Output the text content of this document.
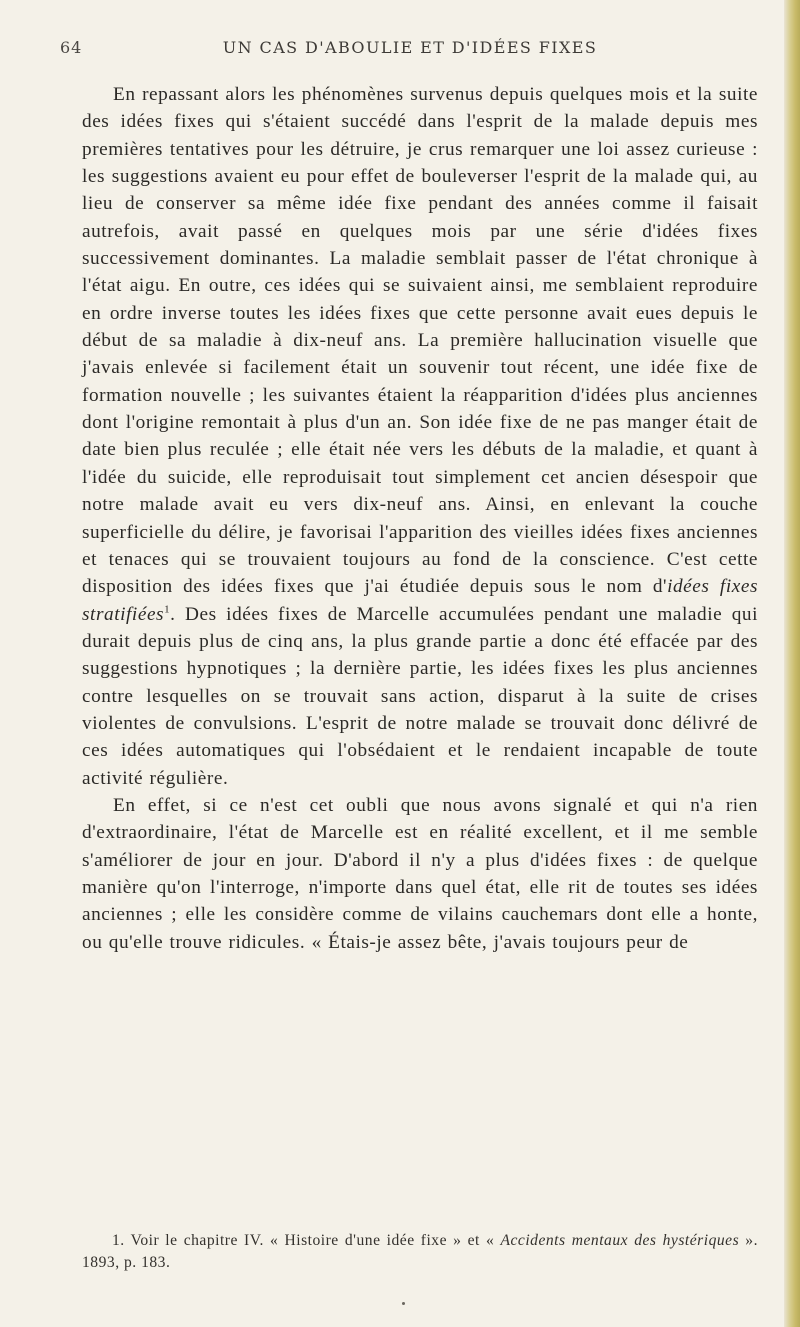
64	UN CAS D'ABOULIE ET D'IDÉES FIXES

En repassant alors les phénomènes survenus depuis quelques mois et la suite des idées fixes qui s'étaient succédé dans l'esprit de la malade depuis mes premières tentatives pour les détruire, je crus remarquer une loi assez curieuse : les suggestions avaient eu pour effet de bouleverser l'esprit de la malade qui, au lieu de conserver sa même idée fixe pendant des années comme il faisait autrefois, avait passé en quelques mois par une série d'idées fixes successivement dominantes. La maladie semblait passer de l'état chronique à l'état aigu. En outre, ces idées qui se suivaient ainsi, me semblaient reproduire en ordre inverse toutes les idées fixes que cette personne avait eues depuis le début de sa maladie à dix-neuf ans. La première hallucination visuelle que j'avais enlevée si facilement était un souvenir tout récent, une idée fixe de formation nouvelle ; les suivantes étaient la réapparition d'idées plus anciennes dont l'origine remontait à plus d'un an. Son idée fixe de ne pas manger était de date bien plus reculée ; elle était née vers les débuts de la maladie, et quant à l'idée du suicide, elle reproduisait tout simplement cet ancien désespoir que notre malade avait eu vers dix-neuf ans. Ainsi, en enlevant la couche superficielle du délire, je favorisai l'apparition des vieilles idées fixes anciennes et tenaces qui se trouvaient toujours au fond de la conscience. C'est cette disposition des idées fixes que j'ai étudiée depuis sous le nom d'idées fixes stratifiées$^1$. Des idées fixes de Marcelle accumulées pendant une maladie qui durait depuis plus de cinq ans, la plus grande partie a donc été effacée par des suggestions hypnotiques ; la dernière partie, les idées fixes les plus anciennes contre lesquelles on se trouvait sans action, disparut à la suite de crises violentes de convulsions. L'esprit de notre malade se trouvait donc délivré de ces idées automatiques qui l'obsédaient et le rendaient incapable de toute activité régulière.

En effet, si ce n'est cet oubli que nous avons signalé et qui n'a rien d'extraordinaire, l'état de Marcelle est en réalité excellent, et il me semble s'améliorer de jour en jour. D'abord il n'y a plus d'idées fixes : de quelque manière qu'on l'interroge, n'importe dans quel état, elle rit de toutes ses idées anciennes ; elle les considère comme de vilains cauchemars dont elle a honte, ou qu'elle trouve ridicules. « Étais-je assez bête, j'avais toujours peur de

1. Voir le chapitre IV. « Histoire d'une idée fixe » et « Accidents mentaux des hystériques ». 1893, p. 183.
